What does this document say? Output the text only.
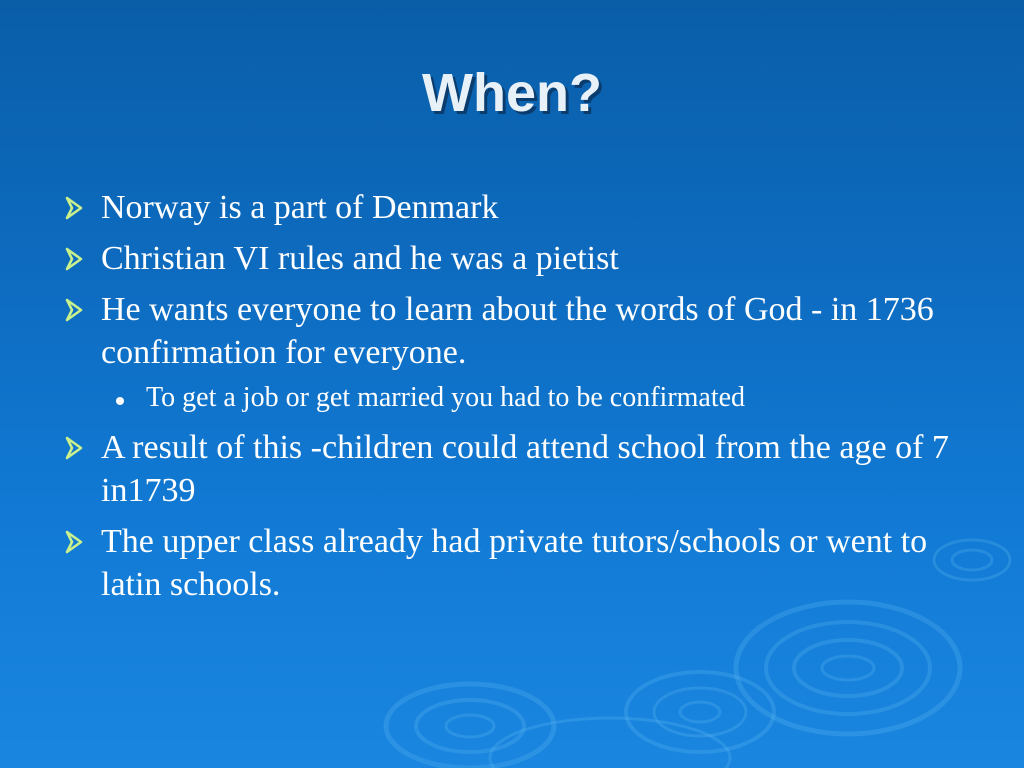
When?
Norway is a part of Denmark
Christian VI rules and he was a pietist
He wants everyone to learn about the words of God - in 1736 confirmation for everyone.
To get a job or get married you had to be confirmated
A result of this -children could attend school from the age of 7 in1739
The upper class already had private tutors/schools or went to latin schools.
